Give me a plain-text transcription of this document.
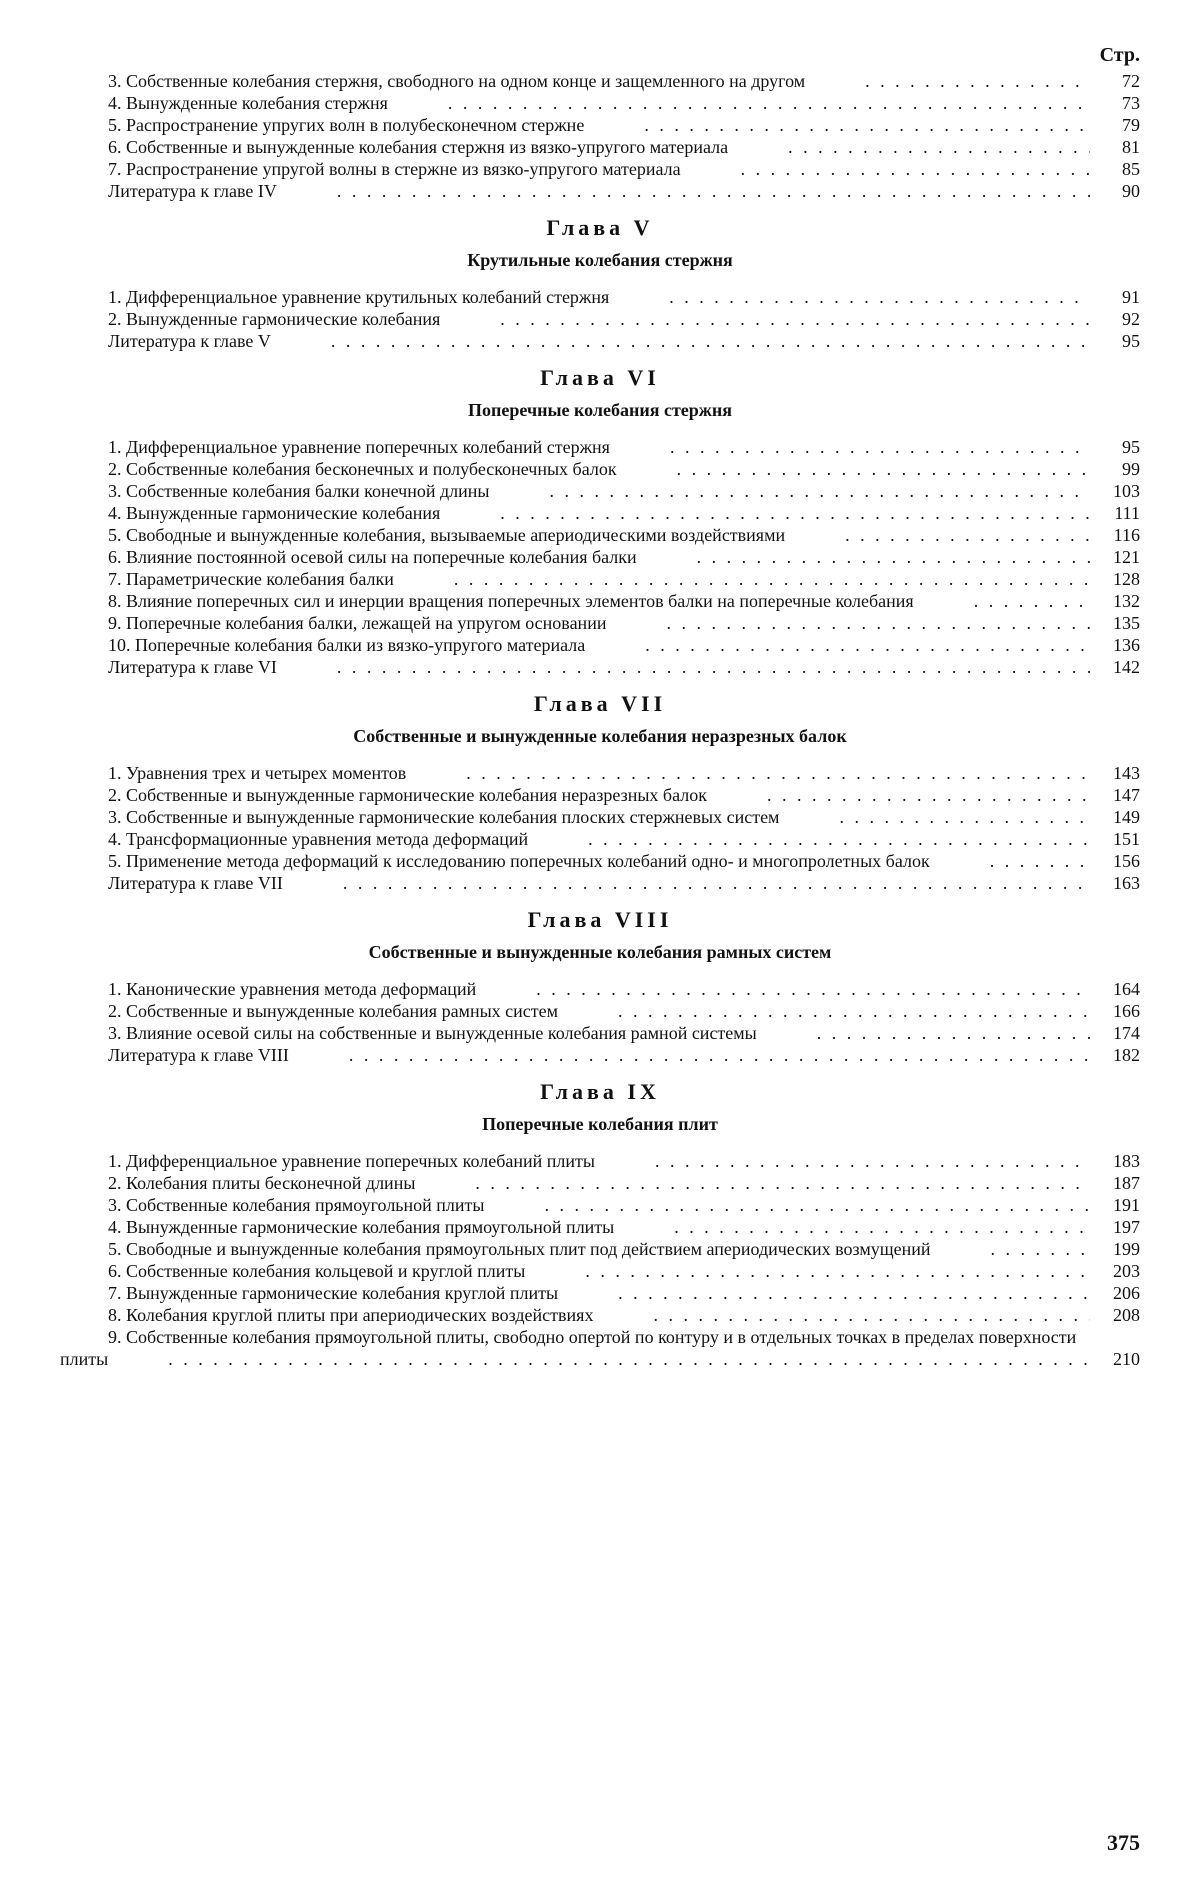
Стр.
3. Собственные колебания стержня, свободного на одном конце и защемленного на другом . . .	72
4. Вынужденные колебания стержня . . .	73
5. Распространение упругих волн в полубесконечном стержне . . .	79
6. Собственные и вынужденные колебания стержня из вязко-упругого материала . . .	81
7. Распространение упругой волны в стержне из вязко-упругого материала . . .	85
Литература к главе IV . . .	90
Глава V
Крутильные колебания стержня
1. Дифференциальное уравнение крутильных колебаний стержня . . .	91
2. Вынужденные гармонические колебания . . .	92
Литература к главе V . . .	95
Глава VI
Поперечные колебания стержня
1. Дифференциальное уравнение поперечных колебаний стержня . . .	95
2. Собственные колебания бесконечных и полубесконечных балок . . .	99
3. Собственные колебания балки конечной длины . . .	103
4. Вынужденные гармонические колебания . . .	111
5. Свободные и вынужденные колебания, вызываемые апериодическими воздействиями . . .	116
6. Влияние постоянной осевой силы на поперечные колебания балки . . .	121
7. Параметрические колебания балки . . .	128
8. Влияние поперечных сил и инерции вращения поперечных элементов балки на поперечные колебания . . .	132
9. Поперечные колебания балки, лежащей на упругом основании . . .	135
10. Поперечные колебания балки из вязко-упругого материала . . .	136
Литература к главе VI . . .	142
Глава VII
Собственные и вынужденные колебания неразрезных балок
1. Уравнения трех и четырех моментов . . .	143
2. Собственные и вынужденные гармонические колебания неразрезных балок . . .	147
3. Собственные и вынужденные гармонические колебания плоских стержневых систем . . .	149
4. Трансформационные уравнения метода деформаций . . .	151
5. Применение метода деформаций к исследованию поперечных колебаний одно- и многопролетных балок . . .	156
Литература к главе VII . . .	163
Глава VIII
Собственные и вынужденные колебания рамных систем
1. Канонические уравнения метода деформаций . . .	164
2. Собственные и вынужденные колебания рамных систем . . .	166
3. Влияние осевой силы на собственные и вынужденные колебания рамной системы . . .	174
Литература к главе VIII . . .	182
Глава IX
Поперечные колебания плит
1. Дифференциальное уравнение поперечных колебаний плиты . . .	183
2. Колебания плиты бесконечной длины . . .	187
3. Собственные колебания прямоугольной плиты . . .	191
4. Вынужденные гармонические колебания прямоугольной плиты . . .	197
5. Свободные и вынужденные колебания прямоугольных плит под действием апериодических возмущений . . .	199
6. Собственные колебания кольцевой и круглой плиты . . .	203
7. Вынужденные гармонические колебания круглой плиты . . .	206
8. Колебания круглой плиты при апериодических воздействиях . . .	208
9. Собственные колебания прямоугольной плиты, свободно опертой по контуру и в отдельных точках в пределах поверхности плиты . . .	210
375
